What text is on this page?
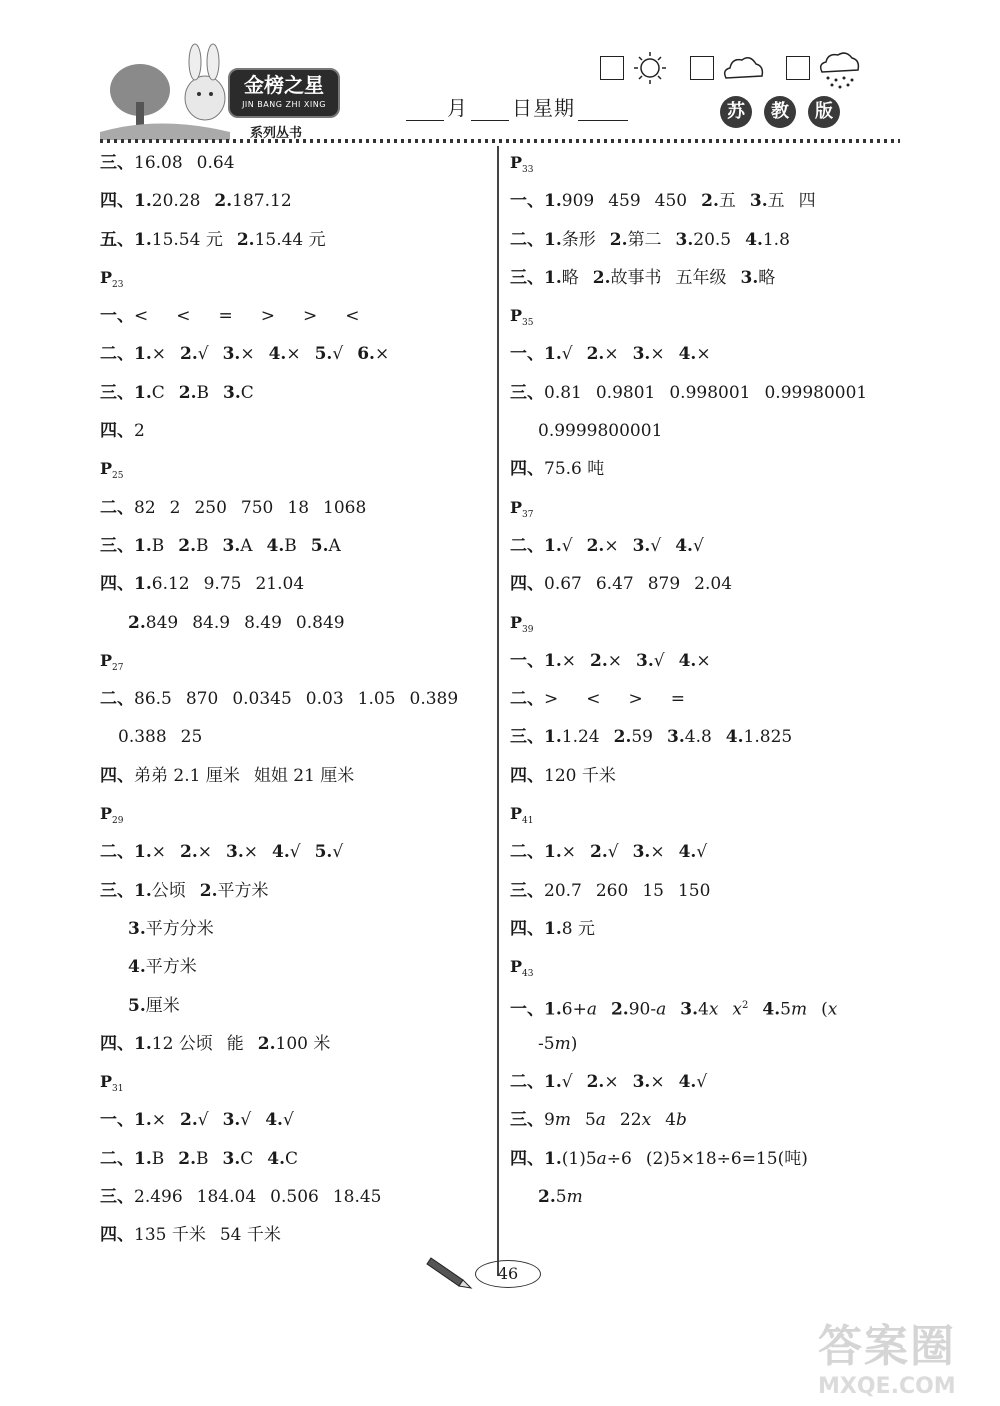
金榜之星
JIN BANG ZHI XING
系列丛书
月 日星期	苏 教 版
三、16.08 0.64
四、1.20.28 2.187.12
五、1.15.54 元 2.15.44 元
$P_{23}$
一、< < = > > <
二、1.× 2.√ 3.× 4.× 5.√ 6.×
三、1.C 2.B 3.C
四、2
$P_{25}$
二、82 2 250 750 18 1068
三、1.B 2.B 3.A 4.B 5.A
四、1.6.12 9.75 21.04
2.849 84.9 8.49 0.849
$P_{27}$
二、86.5 870 0.0345 0.03 1.05 0.389
0.388 25
四、弟弟 2.1 厘米 姐姐 21 厘米
$P_{29}$
二、1.× 2.× 3.× 4.√ 5.√
三、1.公顷 2.平方米
3.平方分米
4.平方米
5.厘米
四、1.12 公顷 能 2.100 米
$P_{31}$
一、1.× 2.√ 3.√ 4.√
二、1.B 2.B 3.C 4.C
三、2.496 184.04 0.506 18.45
四、135 千米 54 千米
$P_{33}$
一、1.909 459 450 2.五 3.五 四
二、1.条形 2.第二 3.20.5 4.1.8
三、1.略 2.故事书 五年级 3.略
$P_{35}$
一、1.√ 2.× 3.× 4.×
三、0.81 0.9801 0.998001 0.99980001
0.9999800001
四、75.6 吨
$P_{37}$
二、1.√ 2.× 3.√ 4.√
四、0.67 6.47 879 2.04
$P_{39}$
一、1.× 2.× 3.√ 4.×
二、> < > =
三、1.1.24 2.59 3.4.8 4.1.825
四、120 千米
$P_{41}$
二、1.× 2.√ 3.× 4.√
三、20.7 260 15 150
四、1.8 元
$P_{43}$
一、1.6+a 2.90-a 3.4x $x^2$ 4.5m (x
-5m)
二、1.√ 2.× 3.× 4.√
三、9m 5a 22x 4b
四、1.(1)5a÷6 (2)5×18÷6=15(吨)
2.5m
46
答案圈
MXQE.COM
